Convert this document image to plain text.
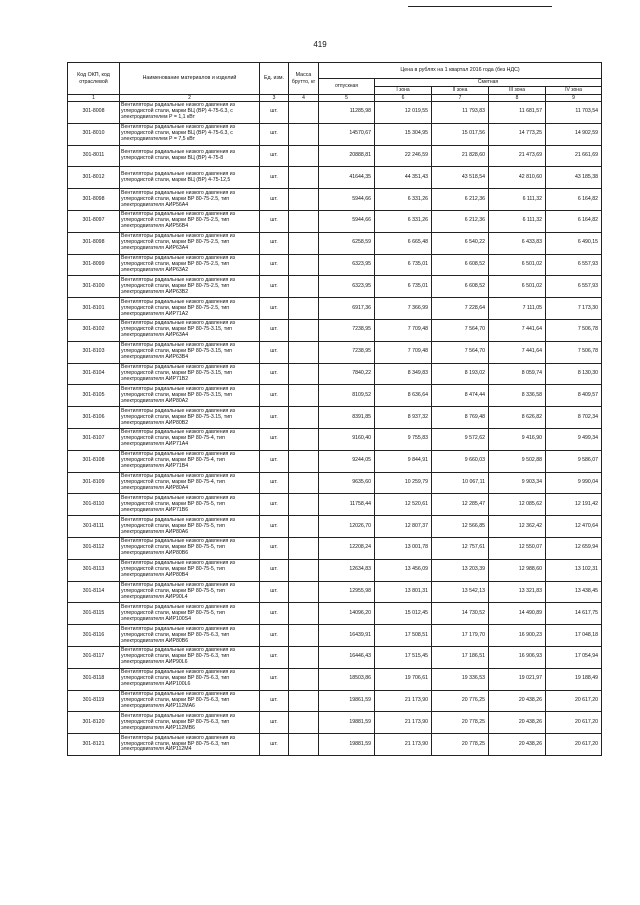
419
Код ОКП, код отраслевой	Наименование материалов и изделий	Ед. изм.	Масса брутто, кг	Цена в рублях на 1 квартал 2016 года (без НДС)				
				отпускная	Сметная			
					I зона	II зона	III зона	IV зона
1	2	3	4	5	6	7	8	9
301-8008	Вентиляторы радиальные низкого давления из углеродистой стали, марки ВЦ (ВР) 4-75-6.3, с электродвигателем Р = 1,1 кВт	шт.		11285,98	12 019,55	11 793,83	11 681,57	11 703,54
301-8010	Вентиляторы радиальные низкого давления из углеродистой стали, марки ВЦ (ВР) 4-75-6.3, с электродвигателем Р = 7,5 кВт	шт.		14570,67	15 304,95	15 017,56	14 773,25	14 902,59
301-8011	Вентиляторы радиальные низкого давления из углеродистой стали, марки ВЦ (ВР) 4-75-8	шт.		20888,81	22 246,59	21 828,60	21 473,69	21 661,69
301-8012	Вентиляторы радиальные низкого давления из углеродистой стали, марки ВЦ (ВР) 4-75-12,5	шт.		41644,35	44 351,43	43 518,54	42 810,60	43 185,38
301-8098	Вентиляторы радиальные низкого давления из углеродистой стали, марки ВР 80-75-2.5, тип электродвигателя АИР56А4	шт.		5944,66	6 331,26	6 212,36	6 111,32	6 164,82
301-8097	Вентиляторы радиальные низкого давления из углеродистой стали, марки ВР 80-75-2.5, тип электродвигателя АИР56В4	шт.		5944,66	6 331,26	6 212,36	6 111,32	6 164,82
301-8098	Вентиляторы радиальные низкого давления из углеродистой стали, марки ВР 80-75-2.5, тип электродвигателя АИР63А4	шт.		6258,59	6 665,48	6 540,22	6 433,83	6 490,15
301-8099	Вентиляторы радиальные низкого давления из углеродистой стали, марки ВР 80-75-2.5, тип электродвигателя АИР63А2	шт.		6323,95	6 735,01	6 608,52	6 501,02	6 557,93
301-8100	Вентиляторы радиальные низкого давления из углеродистой стали, марки ВР 80-75-2.5, тип электродвигателя АИР63В2	шт.		6323,95	6 735,01	6 608,52	6 501,02	6 557,93
301-8101	Вентиляторы радиальные низкого давления из углеродистой стали, марки ВР 80-75-2.5, тип электродвигателя АИР71А2	шт.		6917,36	7 366,99	7 228,64	7 111,05	7 173,30
301-8102	Вентиляторы радиальные низкого давления из углеродистой стали, марки ВР 80-75-3.15, тип электродвигателя АИР63А4	шт.		7238,95	7 709,48	7 564,70	7 441,64	7 506,78
301-8103	Вентиляторы радиальные низкого давления из углеродистой стали, марки ВР 80-75-3.15, тип электродвигателя АИР63В4	шт.		7238,95	7 709,48	7 564,70	7 441,64	7 506,78
301-8104	Вентиляторы радиальные низкого давления из углеродистой стали, марки ВР 80-75-3.15, тип электродвигателя АИР71В2	шт.		7840,22	8 349,83	8 193,02	8 059,74	8 130,30
301-8105	Вентиляторы радиальные низкого давления из углеродистой стали, марки ВР 80-75-3.15, тип электродвигателя АИР80А2	шт.		8109,52	8 636,64	8 474,44	8 336,58	8 409,57
301-8106	Вентиляторы радиальные низкого давления из углеродистой стали, марки ВР 80-75-3.15, тип электродвигателя АИР80В2	шт.		8391,85	8 937,32	8 769,48	8 626,82	8 702,34
301-8107	Вентиляторы радиальные низкого давления из углеродистой стали, марки ВР 80-75-4, тип электродвигателя АИР71А4	шт.		9160,40	9 755,83	9 572,62	9 416,90	9 499,34
301-8108	Вентиляторы радиальные низкого давления из углеродистой стали, марки ВР 80-75-4, тип электродвигателя АИР71В4	шт.		9244,05	9 844,91	9 660,03	9 502,88	9 586,07
301-8109	Вентиляторы радиальные низкого давления из углеродистой стали, марки ВР 80-75-4, тип электродвигателя АИР80А4	шт.		9635,60	10 259,79	10 067,11	9 903,34	9 990,04
301-8110	Вентиляторы радиальные низкого давления из углеродистой стали, марки ВР 80-75-5, тип электродвигателя АИР71В6	шт.		11758,44	12 520,61	12 285,47	12 085,62	12 191,42
301-8111	Вентиляторы радиальные низкого давления из углеродистой стали, марки ВР 80-75-5, тип электродвигателя АИР80А6	шт.		12026,70	12 807,37	12 566,85	12 362,42	12 470,64
301-8112	Вентиляторы радиальные низкого давления из углеродистой стали, марки ВР 80-75-5, тип электродвигателя АИР80В6	шт.		12208,24	13 001,78	12 757,61	12 550,07	12 659,94
301-8113	Вентиляторы радиальные низкого давления из углеродистой стали, марки ВР 80-75-5, тип электродвигателя АИР80В4	шт.		12634,83	13 456,09	13 203,39	12 988,60	13 102,31
301-8114	Вентиляторы радиальные низкого давления из углеродистой стали, марки ВР 80-75-5, тип электродвигателя АИР90L4	шт.		12955,98	13 801,31	13 542,13	13 321,83	13 438,45
301-8115	Вентиляторы радиальные низкого давления из углеродистой стали, марки ВР 80-75-5, тип электродвигателя АИР100S4	шт.		14096,20	15 012,45	14 730,52	14 490,89	14 617,75
301-8116	Вентиляторы радиальные низкого давления из углеродистой стали, марки ВР 80-75-6.3, тип электродвигателя АИР80В6	шт.		16439,91	17 508,51	17 179,70	16 900,23	17 048,18
301-8117	Вентиляторы радиальные низкого давления из углеродистой стали, марки ВР 80-75-6.3, тип электродвигателя АИР90L6	шт.		16446,43	17 515,45	17 186,51	16 906,93	17 054,94
301-8118	Вентиляторы радиальные низкого давления из углеродистой стали, марки ВР 80-75-6.3, тип электродвигателя АИР100L6	шт.		18503,86	19 706,61	19 336,53	19 021,97	19 188,49
301-8119	Вентиляторы радиальные низкого давления из углеродистой стали, марки ВР 80-75-6.3, тип электродвигателя АИР112МА6	шт.		19861,59	21 173,90	20 776,25	20 438,26	20 617,20
301-8120	Вентиляторы радиальные низкого давления из углеродистой стали, марки ВР 80-75-6.3, тип электродвигателя АИР112МВ6	шт.		19881,59	21 173,90	20 778,25	20 438,26	20 617,20
301-8121	Вентиляторы радиальные низкого давления из углеродистой стали, марки ВР 80-75-6.3, тип электродвигателя АИР112М4	шт.		19881,59	21 173,90	20 778,25	20 438,26	20 617,20
